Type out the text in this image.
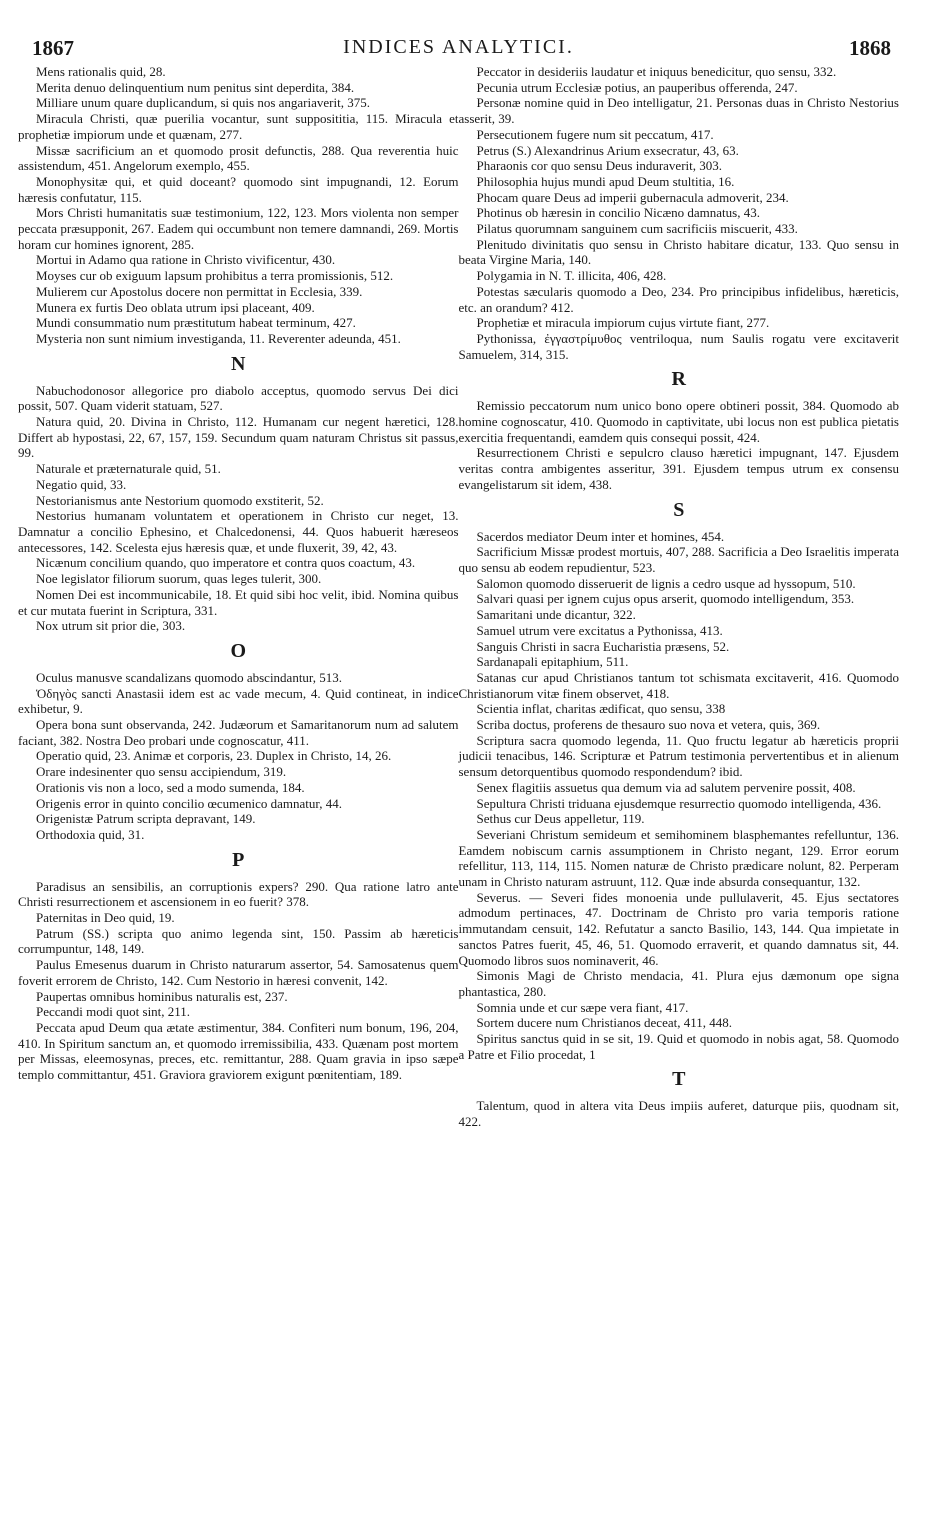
1867	INDICES ANALYTICI.	1868

Mens rationalis quid, 28.

Merita denuo delinquentium num penitus sint deperdita, 384.

Milliare unum quare duplicandum, si quis nos angariaverit, 375.

Miracula Christi, quæ puerilia vocantur, sunt supposititia, 115. Miracula et prophetiæ impiorum unde et quænam, 277.

Missæ sacrificium an et quomodo prosit defunctis, 288. Qua reverentia huic assistendum, 451. Angelorum exemplo, 455.

Monophysitæ qui, et quid doceant? quomodo sint impugnandi, 12. Eorum hæresis confutatur, 115.

Mors Christi humanitatis suæ testimonium, 122, 123. Mors violenta non semper peccata præsupponit, 267. Eadem qui occumbunt non temere damnandi, 269. Mortis horam cur homines ignorent, 285.

Mortui in Adamo qua ratione in Christo vivificentur, 430.

Moyses cur ob exiguum lapsum prohibitus a terra promissionis, 512.

Mulierem cur Apostolus docere non permittat in Ecclesia, 339.

Munera ex furtis Deo oblata utrum ipsi placeant, 409.

Mundi consummatio num præstitutum habeat terminum, 427.

Mysteria non sunt nimium investiganda, 11. Reverenter adeunda, 451.

N

Nabuchodonosor allegorice pro diabolo acceptus, quomodo servus Dei dici possit, 507. Quam viderit statuam, 527.

Natura quid, 20. Divina in Christo, 112. Humanam cur negent hæretici, 128. Differt ab hypostasi, 22, 67, 157, 159. Secundum quam naturam Christus sit passus, 99.

Naturale et præternaturale quid, 51.

Negatio quid, 33.

Nestorianismus ante Nestorium quomodo exstiterit, 52.

Nestorius humanam voluntatem et operationem in Christo cur neget, 13. Damnatur a concilio Ephesino, et Chalcedonensi, 44. Quos habuerit hæreseos antecessores, 142. Scelesta ejus hæresis quæ, et unde fluxerit, 39, 42, 43.

Nicænum concilium quando, quo imperatore et contra quos coactum, 43.

Noe legislator filiorum suorum, quas leges tulerit, 300.

Nomen Dei est incommunicabile, 18. Et quid sibi hoc velit, ibid. Nomina quibus et cur mutata fuerint in Scriptura, 331.

Nox utrum sit prior die, 303.

O

Oculus manusve scandalizans quomodo abscindantur, 513.

Ὁδηγὸς sancti Anastasii idem est ac vade mecum, 4. Quid contineat, in indice exhibetur, 9.

Opera bona sunt observanda, 242. Judæorum et Samaritanorum num ad salutem faciant, 382. Nostra Deo probari unde cognoscatur, 411.

Operatio quid, 23. Animæ et corporis, 23. Duplex in Christo, 14, 26.

Orare indesinenter quo sensu accipiendum, 319.

Orationis vis non a loco, sed a modo sumenda, 184.

Origenis error in quinto concilio œcumenico damnatur, 44.

Origenistæ Patrum scripta depravant, 149.

Orthodoxia quid, 31.

P

Paradisus an sensibilis, an corruptionis expers? 290. Qua ratione latro ante Christi resurrectionem et ascensionem in eo fuerit? 378.

Paternitas in Deo quid, 19.

Patrum (SS.) scripta quo animo legenda sint, 150. Passim ab hæreticis corrumpuntur, 148, 149.

Paulus Emesenus duarum in Christo naturarum assertor, 54. Samosatenus quem foverit errorem de Christo, 142. Cum Nestorio in hæresi convenit, 142.

Paupertas omnibus hominibus naturalis est, 237.

Peccandi modi quot sint, 211.

Peccata apud Deum qua ætate æstimentur, 384. Confiteri num bonum, 196, 204, 410. In Spiritum sanctum an, et quomodo irremissibilia, 433. Quænam post mortem per Missas, eleemosynas, preces, etc. remittantur, 288. Quam gravia in ipso sæpe templo committantur, 451. Graviora graviorem exigunt pœnitentiam, 189.

Peccator in desideriis laudatur et iniquus benedicitur, quo sensu, 332.

Pecunia utrum Ecclesiæ potius, an pauperibus offerenda, 247.

Personæ nomine quid in Deo intelligatur, 21. Personas duas in Christo Nestorius asserit, 39.

Persecutionem fugere num sit peccatum, 417.

Petrus (S.) Alexandrinus Arium exsecratur, 43, 63.

Pharaonis cor quo sensu Deus induraverit, 303.

Philosophia hujus mundi apud Deum stultitia, 16.

Phocam quare Deus ad imperii gubernacula admoverit, 234.

Photinus ob hæresin in concilio Nicæno damnatus, 43.

Pilatus quorumnam sanguinem cum sacrificiis miscuerit, 433.

Plenitudo divinitatis quo sensu in Christo habitare dicatur, 133. Quo sensu in beata Virgine Maria, 140.

Polygamia in N. T. illicita, 406, 428.

Potestas sæcularis quomodo a Deo, 234. Pro principibus infidelibus, hæreticis, etc. an orandum? 412.

Prophetiæ et miracula impiorum cujus virtute fiant, 277.

Pythonissa, ἐγγαστρίμυθος ventriloqua, num Saulis rogatu vere excitaverit Samuelem, 314, 315.

R

Remissio peccatorum num unico bono opere obtineri possit, 384. Quomodo ab homine cognoscatur, 410. Quomodo in captivitate, ubi locus non est publica pietatis exercitia frequentandi, eamdem quis consequi possit, 424.

Resurrectionem Christi e sepulcro clauso hæretici impugnant, 147. Ejusdem veritas contra ambigentes asseritur, 391. Ejusdem tempus utrum ex consensu evangelistarum sit idem, 438.

S

Sacerdos mediator Deum inter et homines, 454.

Sacrificium Missæ prodest mortuis, 407, 288. Sacrificia a Deo Israelitis imperata quo sensu ab eodem repudientur, 523.

Salomon quomodo disseruerit de lignis a cedro usque ad hyssopum, 510.

Salvari quasi per ignem cujus opus arserit, quomodo intelligendum, 353.

Samaritani unde dicantur, 322.

Samuel utrum vere excitatus a Pythonissa, 413.

Sanguis Christi in sacra Eucharistia præsens, 52.

Sardanapali epitaphium, 511.

Satanas cur apud Christianos tantum tot schismata excitaverit, 416. Quomodo Christianorum vitæ finem observet, 418.

Scientia inflat, charitas ædificat, quo sensu, 338

Scriba doctus, proferens de thesauro suo nova et vetera, quis, 369.

Scriptura sacra quomodo legenda, 11. Quo fructu legatur ab hæreticis proprii judicii tenacibus, 146. Scripturæ et Patrum testimonia pervertentibus et in alienum sensum detorquentibus quomodo respondendum? ibid.

Senex flagitiis assuetus qua demum via ad salutem pervenire possit, 408.

Sepultura Christi triduana ejusdemque resurrectio quomodo intelligenda, 436.

Sethus cur Deus appelletur, 119.

Severiani Christum semideum et semihominem blasphemantes refelluntur, 136. Eamdem nobiscum carnis assumptionem in Christo negant, 129. Error eorum refellitur, 113, 114, 115. Nomen naturæ de Christo prædicare nolunt, 82. Perperam unam in Christo naturam astruunt, 112. Quæ inde absurda consequantur, 132.

Severus. — Severi fides monoenia unde pullulaverit, 45. Ejus sectatores admodum pertinaces, 47. Doctrinam de Christo pro varia temporis ratione immutandam censuit, 142. Refutatur a sancto Basilio, 143, 144. Qua impietate in sanctos Patres fuerit, 45, 46, 51. Quomodo erraverit, et quando damnatus sit, 44. Quomodo libros suos nominaverit, 46.

Simonis Magi de Christo mendacia, 41. Plura ejus dæmonum ope signa phantastica, 280.

Somnia unde et cur sæpe vera fiant, 417.

Sortem ducere num Christianos deceat, 411, 448.

Spiritus sanctus quid in se sit, 19. Quid et quomodo in nobis agat, 58. Quomodo a Patre et Filio procedat, 1

T

Talentum, quod in altera vita Deus impiis auferet, daturque piis, quodnam sit, 422.
